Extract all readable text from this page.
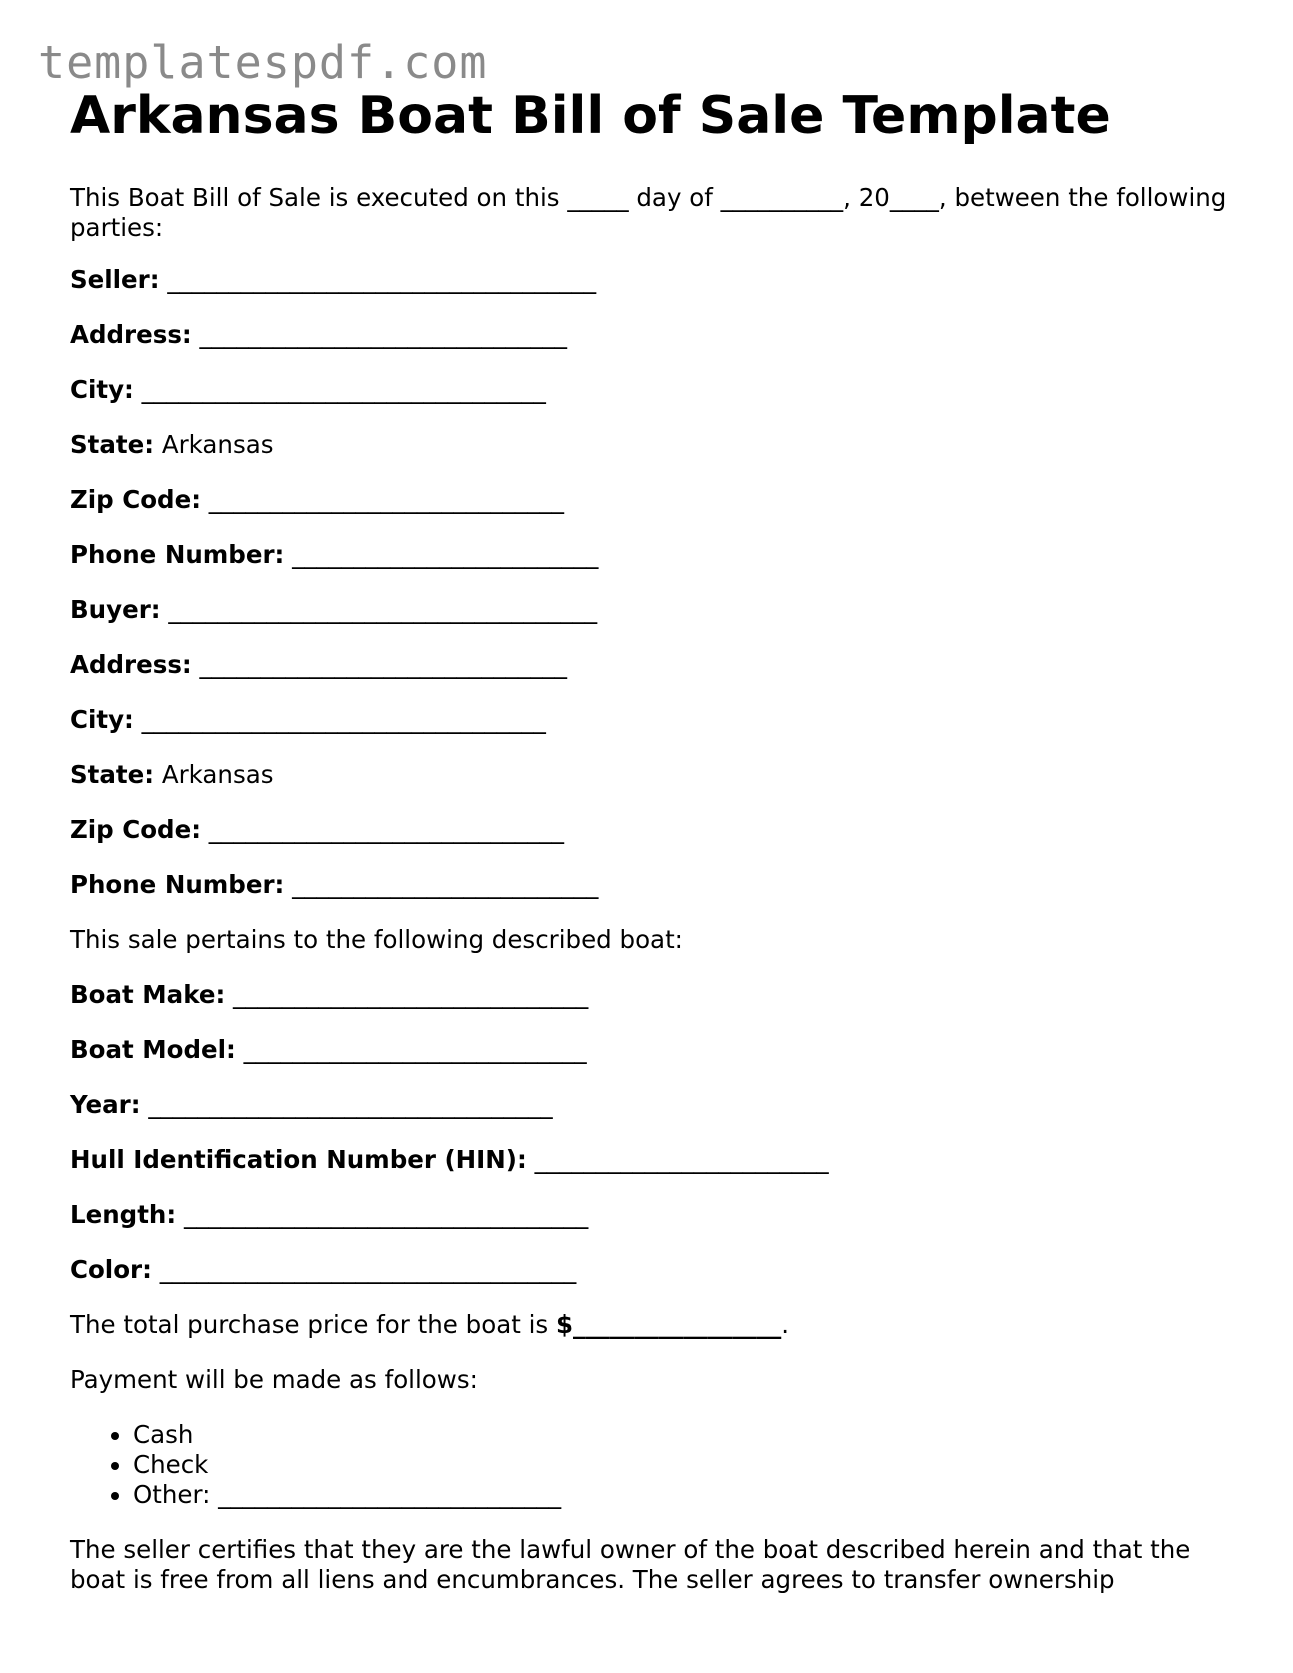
templatespdf.com
Arkansas Boat Bill of Sale Template

This Boat Bill of Sale is executed on this _____ day of __________, 20____, between the following parties:

Seller: ___________________________________

Address: ______________________________

City: _________________________________

State: Arkansas

Zip Code: _____________________________

Phone Number: _________________________

Buyer: ___________________________________

Address: ______________________________

City: _________________________________

State: Arkansas

Zip Code: _____________________________

Phone Number: _________________________

This sale pertains to the following described boat:

Boat Make: _____________________________

Boat Model: ____________________________

Year: _________________________________

Hull Identification Number (HIN): ________________________

Length: _________________________________

Color: __________________________________

The total purchase price for the boat is $_________________.

Payment will be made as follows:

• Cash
• Check
• Other: ____________________________

The seller certifies that they are the lawful owner of the boat described herein and that the boat is free from all liens and encumbrances. The seller agrees to transfer ownership
